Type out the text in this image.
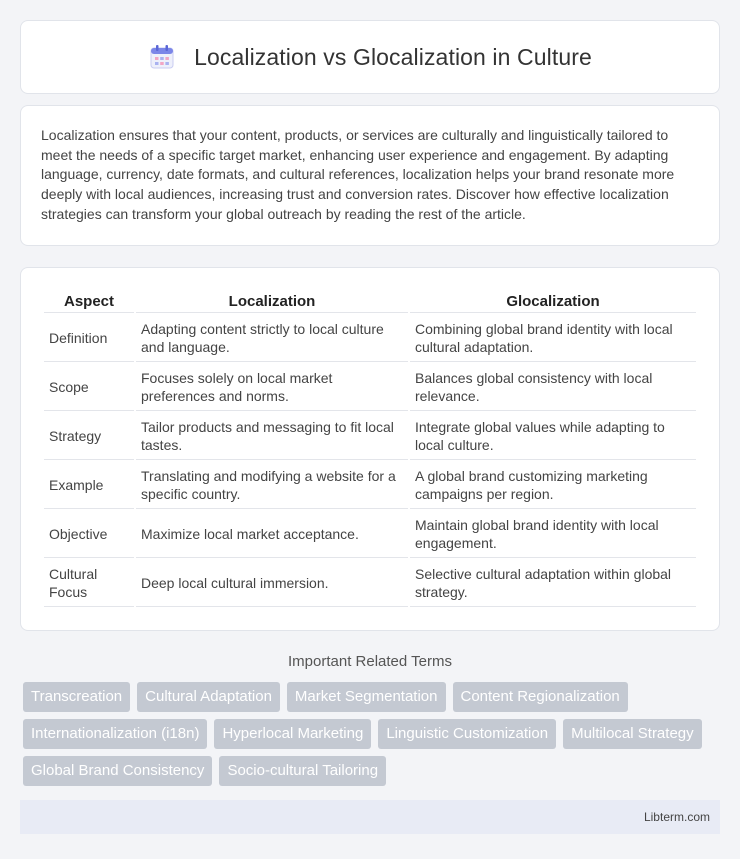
Localization vs Glocalization in Culture

Localization ensures that your content, products, or services are culturally and linguistically tailored to meet the needs of a specific target market, enhancing user experience and engagement. By adapting language, currency, date formats, and cultural references, localization helps your brand resonate more deeply with local audiences, increasing trust and conversion rates. Discover how effective localization strategies can transform your global outreach by reading the rest of the article.

Aspect	Localization	Glocalization
Definition	Adapting content strictly to local culture and language.	Combining global brand identity with local cultural adaptation.
Scope	Focuses solely on local market preferences and norms.	Balances global consistency with local relevance.
Strategy	Tailor products and messaging to fit local tastes.	Integrate global values while adapting to local culture.
Example	Translating and modifying a website for a specific country.	A global brand customizing marketing campaigns per region.
Objective	Maximize local market acceptance.	Maintain global brand identity with local engagement.
Cultural Focus	Deep local cultural immersion.	Selective cultural adaptation within global strategy.
Important Related Terms
Transcreation	Cultural Adaptation	Market Segmentation	Content Regionalization
Internationalization (i18n)	Hyperlocal Marketing	Linguistic Customization	Multilocal Strategy
Global Brand Consistency	Socio-cultural Tailoring
Libterm.com
